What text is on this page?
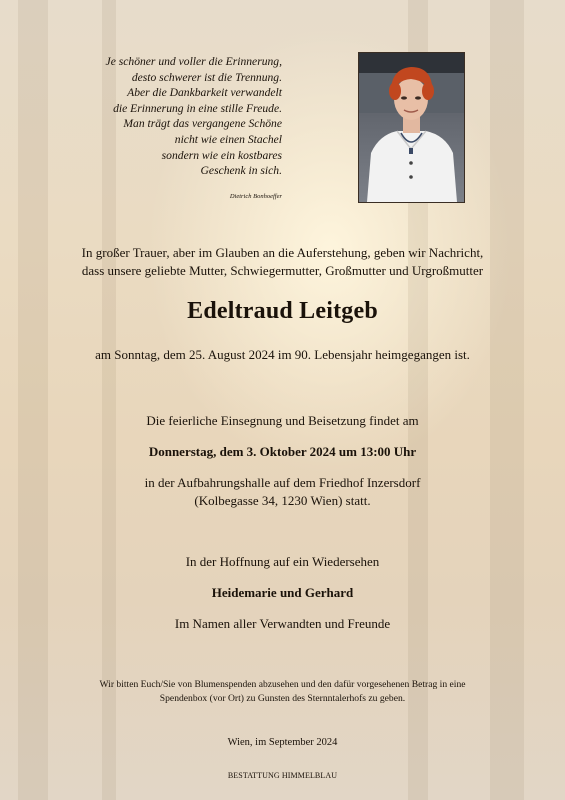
Je schöner und voller die Erinnerung,
desto schwerer ist die Trennung.
Aber die Dankbarkeit verwandelt
die Erinnerung in eine stille Freude.
Man trägt das vergangene Schöne
nicht wie einen Stachel
sondern wie ein kostbares
Geschenk in sich.
Dietrich Bonhoeffer
In großer Trauer, aber im Glauben an die Auferstehung, geben wir Nachricht,
dass unsere geliebte Mutter, Schwiegermutter, Großmutter und Urgroßmutter
Edeltraud Leitgeb
am Sonntag, dem 25. August 2024 im 90. Lebensjahr heimgegangen ist.
Die feierliche Einsegnung und Beisetzung findet am
Donnerstag, dem 3. Oktober 2024 um 13:00 Uhr
in der Aufbahrungshalle auf dem Friedhof Inzersdorf
(Kolbegasse 34, 1230 Wien) statt.
In der Hoffnung auf ein Wiedersehen
Heidemarie und Gerhard
Im Namen aller Verwandten und Freunde
Wir bitten Euch/Sie von Blumenspenden abzusehen und den dafür vorgesehenen Betrag in eine
Spendenbox (vor Ort) zu Gunsten des Sternntalerhofs zu geben.
Wien, im September 2024
BESTATTUNG HIMMELBLAU
